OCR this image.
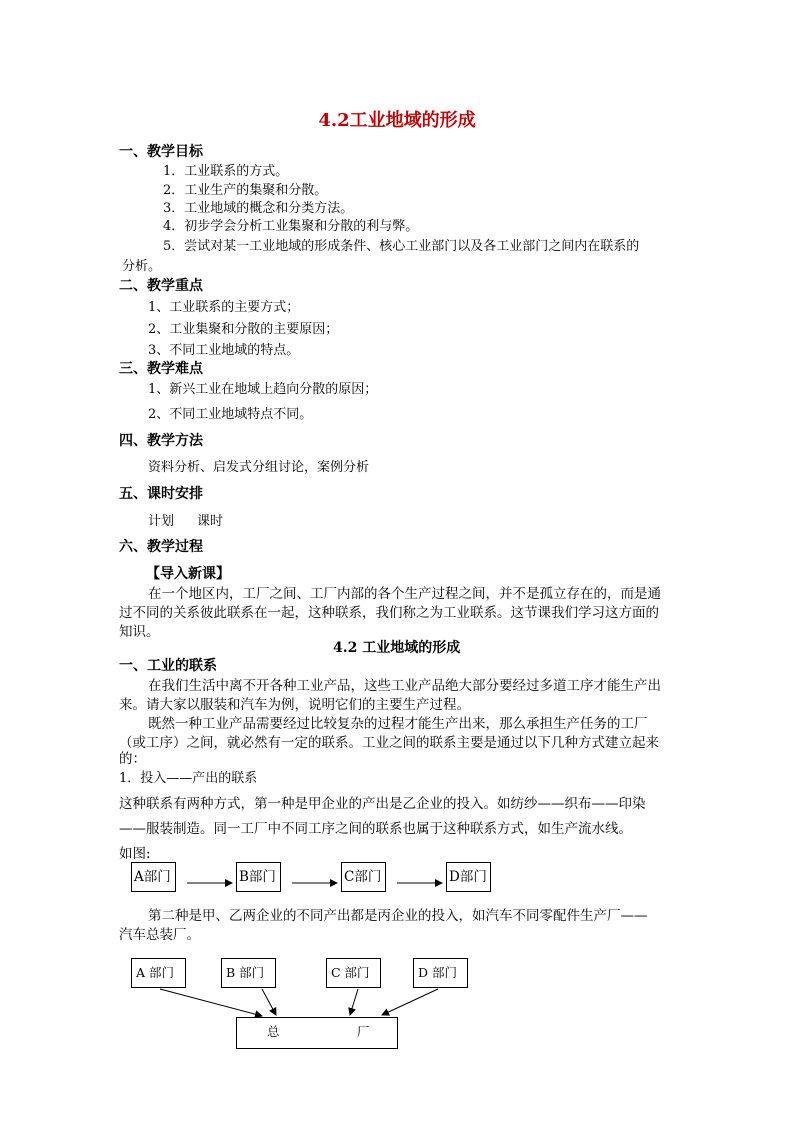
4.2工业地域的形成
一、教学目标
1．工业联系的方式。
2．工业生产的集聚和分散。
3．工业地域的概念和分类方法。
4．初步学会分析工业集聚和分散的利与弊。
5．尝试对某一工业地域的形成条件、核心工业部门以及各工业部门之间内在联系的
分析。
二、教学重点
1、工业联系的主要方式；
2、工业集聚和分散的主要原因；
3、不同工业地域的特点。
三、教学难点
1、新兴工业在地域上趋向分散的原因；
2、不同工业地域特点不同。
四、教学方法
资料分析、启发式分组讨论，案例分析
五、课时安排
计划 课时
六、教学过程
【导入新课】
在一个地区内，工厂之间、工厂内部的各个生产过程之间，并不是孤立存在的，而是通
过不同的关系彼此联系在一起，这种联系，我们称之为工业联系。这节课我们学习这方面的
知识。
4.2 工业地域的形成
一、工业的联系
在我们生活中离不开各种工业产品，这些工业产品绝大部分要经过多道工序才能生产出
来。请大家以服装和汽车为例，说明它们的主要生产过程。
既然一种工业产品需要经过比较复杂的过程才能生产出来，那么承担生产任务的工厂
（或工序）之间，就必然有一定的联系。工业之间的联系主要是通过以下几种方式建立起来
的：
1．投入——产出的联系
这种联系有两种方式，第一种是甲企业的产出是乙企业的投入。如纺纱——织布——印染
——服装制造。同一工厂中不同工序之间的联系也属于这种联系方式，如生产流水线。
如图:
A部门	B部门	C部门	D部门
第二种是甲、乙两企业的不同产出都是丙企业的投入，如汽车不同零配件生产厂——
汽车总装厂。
A 部门	B 部门	C 部门	D 部门
总	厂
